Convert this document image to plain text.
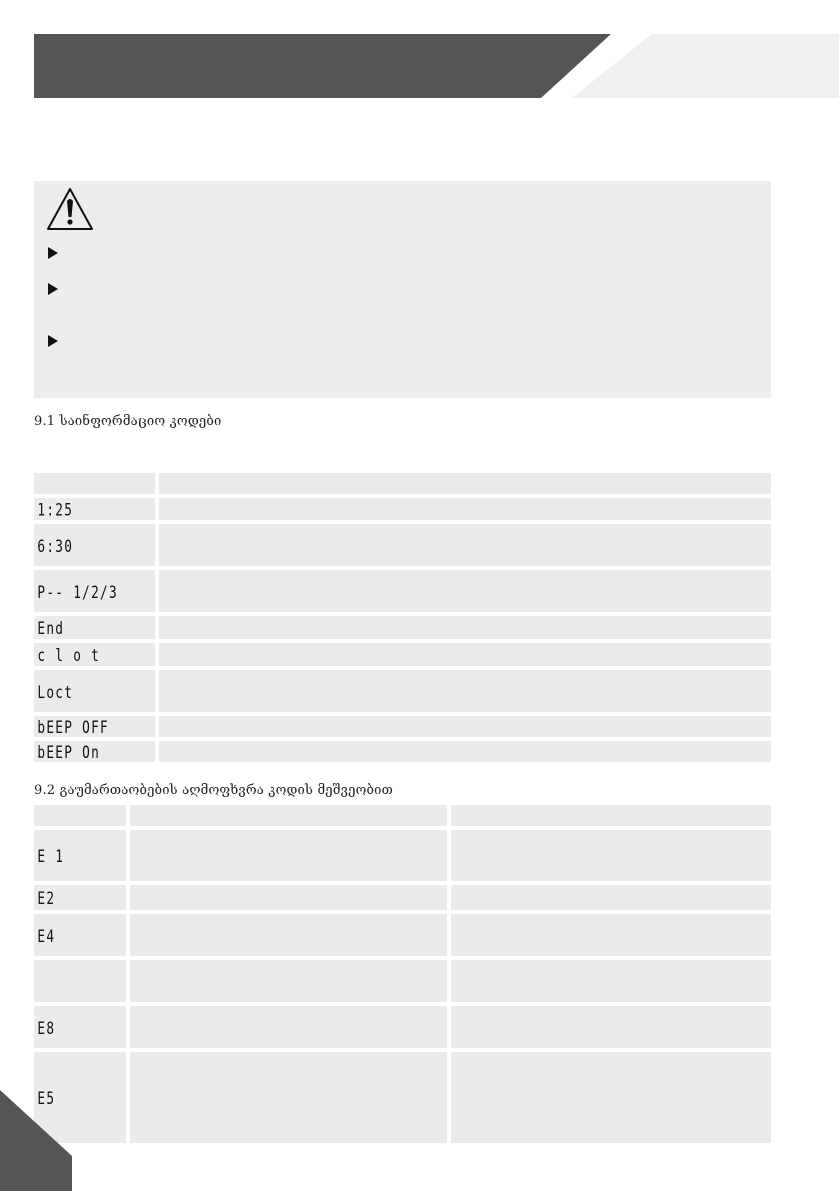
9.1 საინფორმაციო კოდები

1:25	
6:30	
P-- 1/2/3	
End	
c l o t	
Loct	
bEEP OFF	
bEEP On	
9.2 გაუმართაობების აღმოფხვრა კოდის მეშვეობით

E 1		
E2		
E4		

E8		
E5		
